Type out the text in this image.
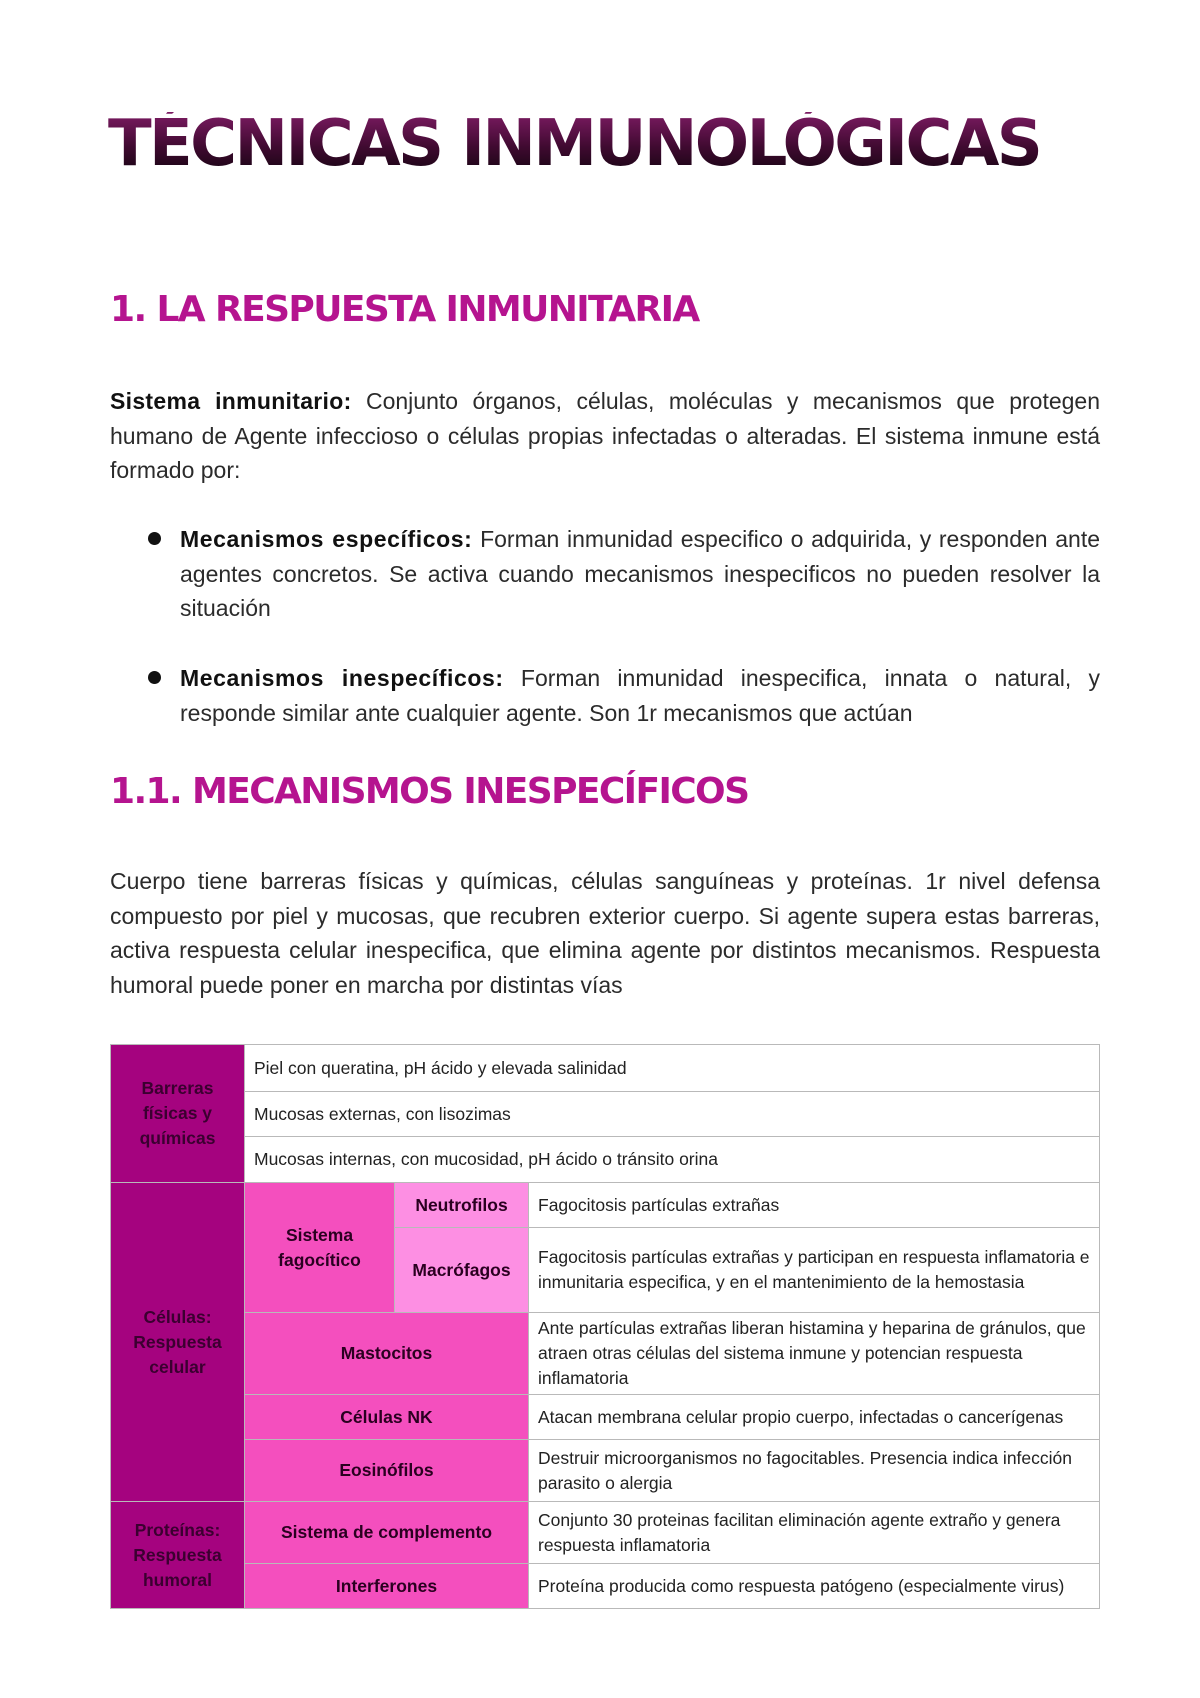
TÉCNICAS INMUNOLÓGICAS
1. LA RESPUESTA INMUNITARIA

Sistema inmunitario: Conjunto órganos, células, moléculas y mecanismos que protegen humano de Agente infeccioso o células propias infectadas o alteradas. El sistema inmune está formado por:

Mecanismos específicos: Forman inmunidad especifico o adquirida, y responden ante agentes concretos. Se activa cuando mecanismos inespecificos no pueden resolver la situación
Mecanismos inespecíficos: Forman inmunidad inespecifica, innata o natural, y responde similar ante cualquier agente. Son 1r mecanismos que actúan
1.1. MECANISMOS INESPECÍFICOS

Cuerpo tiene barreras físicas y químicas, células sanguíneas y proteínas. 1r nivel defensa compuesto por piel y mucosas, que recubren exterior cuerpo. Si agente supera estas barreras, activa respuesta celular inespecifica, que elimina agente por distintos mecanismos. Respuesta humoral puede poner en marcha por distintas vías

Barreras físicas y químicas	Piel con queratina, pH ácido y elevada salinidad		
	Mucosas externas, con lisozimas		
	Mucosas internas, con mucosidad, pH ácido o tránsito orina		
Células: Respuesta celular	Sistema fagocítico	Neutrofilos	Fagocitosis partículas extrañas
		Macrófagos	Fagocitosis partículas extrañas y participan en respuesta inflamatoria e inmunitaria especifica, y en el mantenimiento de la hemostasia
	Mastocitos		Ante partículas extrañas liberan histamina y heparina de gránulos, que atraen otras células del sistema inmune y potencian respuesta inflamatoria
	Células NK		Atacan membrana celular propio cuerpo, infectadas o cancerígenas
	Eosinófilos		Destruir microorganismos no fagocitables. Presencia indica infección parasito o alergia

Proteínas: Respuesta humoral	Sistema de complemento		Conjunto 30 proteinas facilitan eliminación agente extraño y genera respuesta inflamatoria
	Interferones		Proteína producida como respuesta patógeno (especialmente virus)
